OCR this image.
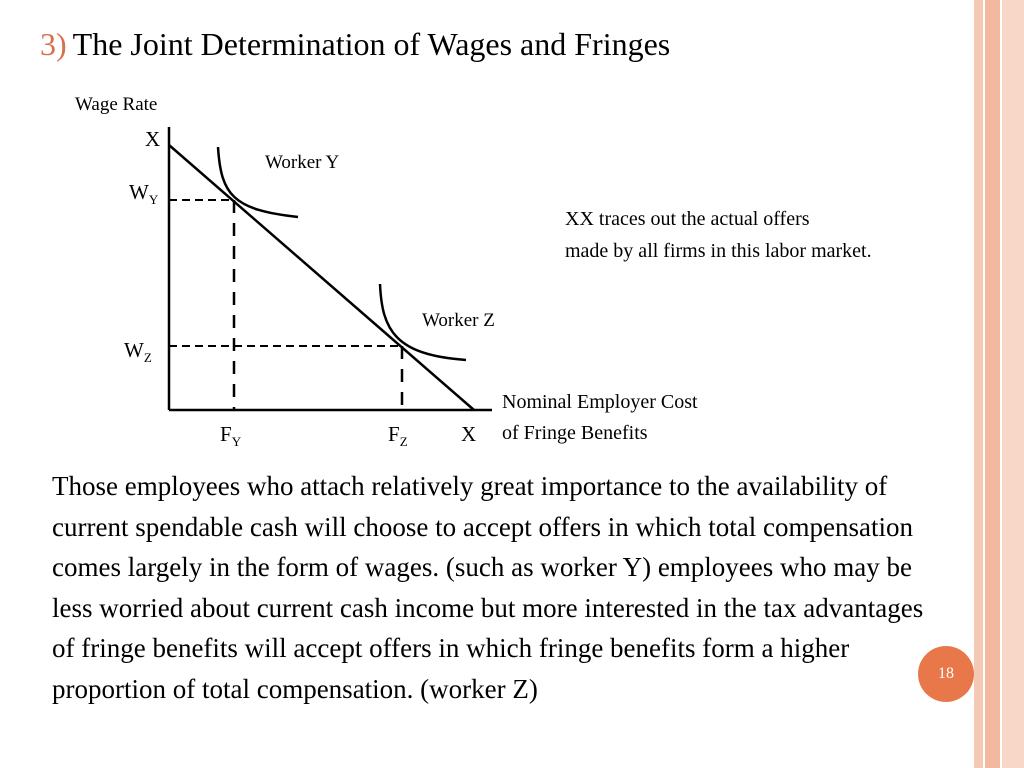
3) The Joint Determination of Wages and Fringes
Wage Rate
X
Worker Y
Worker Z
$W_Y$
$W_Z$
$F_Y$	$F_Z$	X
Nominal Employer Cost
of Fringe Benefits

XX traces out the actual offers
made by all firms in this labor market.

Those employees who attach relatively great importance to the availability of current spendable cash will choose to accept offers in which total compensation comes largely in the form of wages. (such as worker Y) employees who may be less worried about current cash income but more interested in the tax advantages of fringe benefits will accept offers in which fringe benefits form a higher proportion of total compensation. (worker Z)	18
